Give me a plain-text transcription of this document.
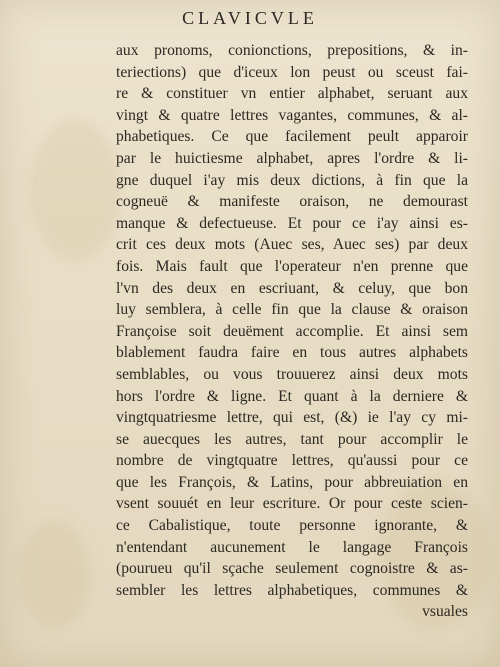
CLAVICVLE
aux pronoms, conionctions, prepositions, & in-
teriections) que d'iceux lon peust ou sceust fai-
re & constituer vn entier alphabet, seruant aux
vingt & quatre lettres vagantes, communes, & al-
phabetiques. Ce que facilement peult apparoir
par le huictiesme alphabet, apres l'ordre & li-
gne duquel i'ay mis deux dictions, à fin que la
cogneuë & manifeste oraison, ne demourast
manque & defectueuse. Et pour ce i'ay ainsi es-
crit ces deux mots (Auec ses, Auec ses) par deux
fois. Mais fault que l'operateur n'en prenne que
l'vn des deux en escriuant, & celuy, que bon
luy semblera, à celle fin que la clause & oraison
Françoise soit deuëment accomplie. Et ainsi sem
blablement faudra faire en tous autres alphabets
semblables, ou vous trouuerez ainsi deux mots
hors l'ordre & ligne. Et quant à la derniere &
vingtquatriesme lettre, qui est, (&) ie l'ay cy mi-
se auecques les autres, tant pour accomplir le
nombre de vingtquatre lettres, qu'aussi pour ce
que les François, & Latins, pour abbreuiation en
vsent souuét en leur escriture. Or pour ceste scien-
ce Cabalistique, toute personne ignorante, &
n'entendant aucunement le langage François
(pourueu qu'il sçache seulement cognoistre & as-
sembler les lettres alphabetiques, communes &
vsuales
